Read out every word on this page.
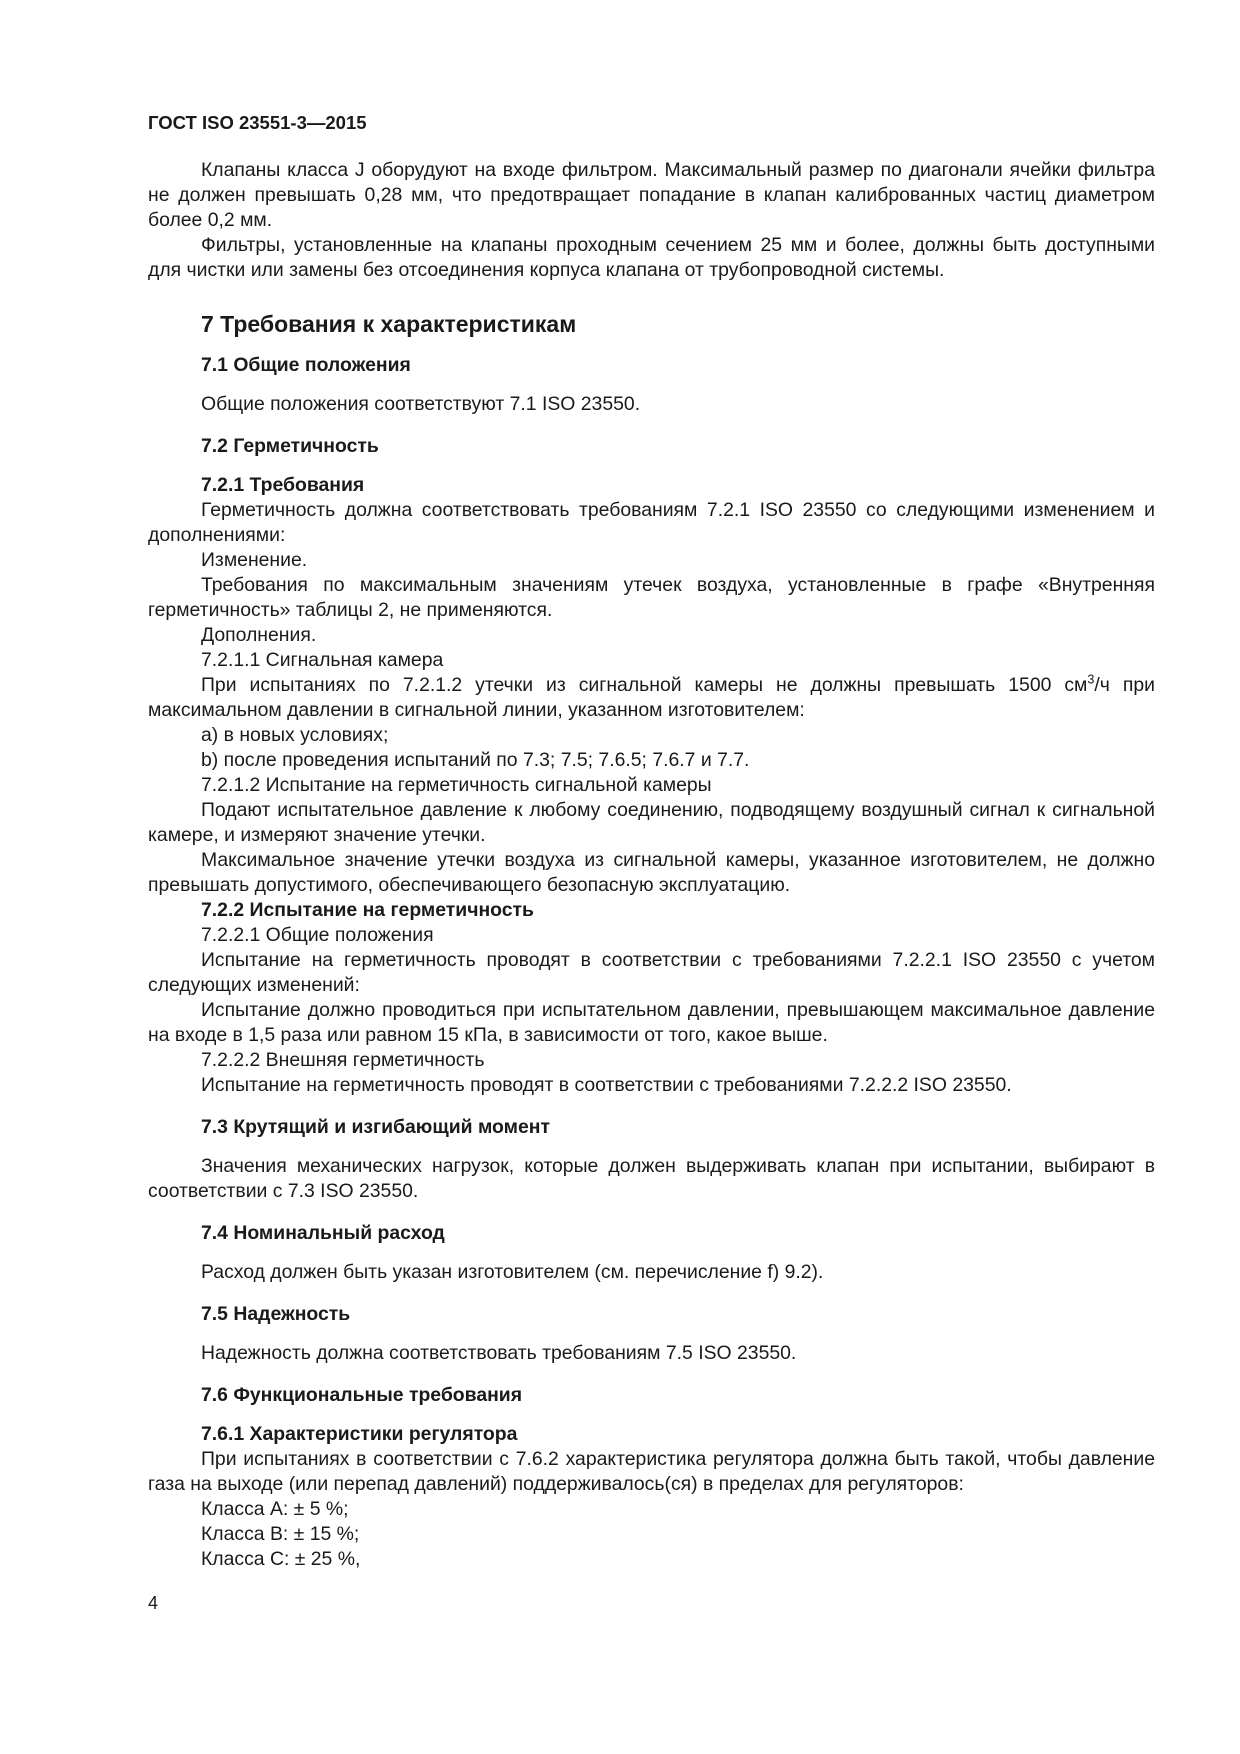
ГОСТ ISO 23551-3—2015

Клапаны класса J оборудуют на входе фильтром. Максимальный размер по диагонали ячейки фильтра не должен превышать 0,28 мм, что предотвращает попадание в клапан калиброванных частиц диаметром более 0,2 мм.

Фильтры, установленные на клапаны проходным сечением 25 мм и более, должны быть доступными для чистки или замены без отсоединения корпуса клапана от трубопроводной системы.

7 Требования к характеристикам
7.1 Общие положения

Общие положения соответствуют 7.1 ISO 23550.

7.2 Герметичность
7.2.1 Требования

Герметичность должна соответствовать требованиям 7.2.1 ISO 23550 со следующими изменением и дополнениями:

Изменение.

Требования по максимальным значениям утечек воздуха, установленные в графе «Внутренняя герметичность» таблицы 2, не применяются.

Дополнения.

7.2.1.1 Сигнальная камера

При испытаниях по 7.2.1.2 утечки из сигнальной камеры не должны превышать 1500 $см^3/ч$ при максимальном давлении в сигнальной линии, указанном изготовителем:

a) в новых условиях;

b) после проведения испытаний по 7.3; 7.5; 7.6.5; 7.6.7 и 7.7.

7.2.1.2 Испытание на герметичность сигнальной камеры

Подают испытательное давление к любому соединению, подводящему воздушный сигнал к сигнальной камере, и измеряют значение утечки.

Максимальное значение утечки воздуха из сигнальной камеры, указанное изготовителем, не должно превышать допустимого, обеспечивающего безопасную эксплуатацию.

7.2.2 Испытание на герметичность

7.2.2.1 Общие положения

Испытание на герметичность проводят в соответствии с требованиями 7.2.2.1 ISO 23550 с учетом следующих изменений:

Испытание должно проводиться при испытательном давлении, превышающем максимальное давление на входе в 1,5 раза или равном 15 кПа, в зависимости от того, какое выше.

7.2.2.2 Внешняя герметичность

Испытание на герметичность проводят в соответствии с требованиями 7.2.2.2 ISO 23550.

7.3 Крутящий и изгибающий момент

Значения механических нагрузок, которые должен выдерживать клапан при испытании, выбирают в соответствии с 7.3 ISO 23550.

7.4 Номинальный расход

Расход должен быть указан изготовителем (см. перечисление f) 9.2).

7.5 Надежность

Надежность должна соответствовать требованиям 7.5 ISO 23550.

7.6 Функциональные требования
7.6.1 Характеристики регулятора

При испытаниях в соответствии с 7.6.2 характеристика регулятора должна быть такой, чтобы давление газа на выходе (или перепад давлений) поддерживалось(ся) в пределах для регуляторов:

Класса А: ± 5 %;

Класса В: ± 15 %;

Класса С: ± 25 %,

4
